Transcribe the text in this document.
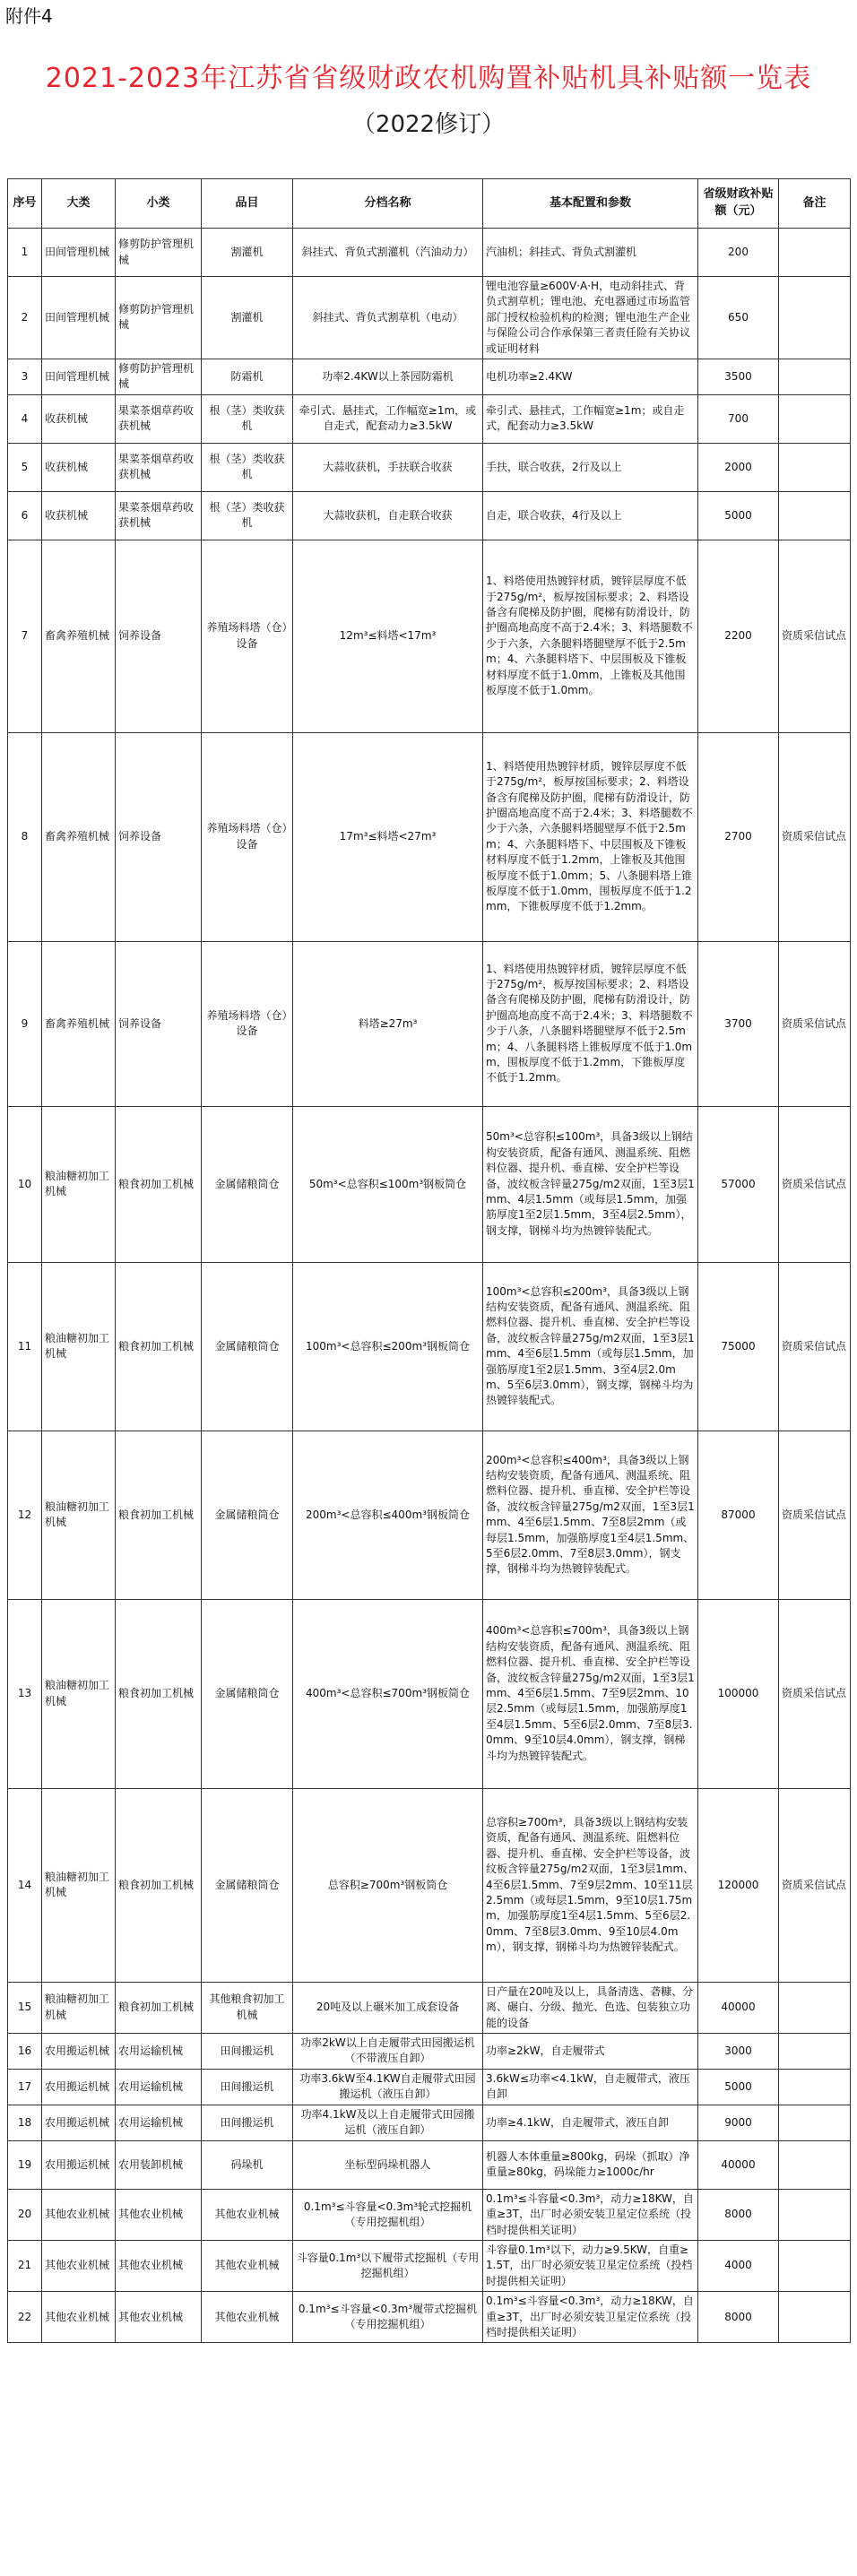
附件4
2021-2023年江苏省省级财政农机购置补贴机具补贴额一览表
（2022修订）
序号	大类	小类	品目	分档名称	基本配置和参数	省级财政补贴额（元）	备注
1	田间管理机械	修剪防护管理机械	割灌机	斜挂式、背负式割灌机（汽油动力）	汽油机；斜挂式、背负式割灌机	200	
2	田间管理机械	修剪防护管理机械	割灌机	斜挂式、背负式割草机（电动）	锂电池容量≥600V·A·H，电动斜挂式、背负式割草机；锂电池、充电器通过市场监管部门授权检验机构的检测；锂电池生产企业与保险公司合作承保第三者责任险有关协议或证明材料	650	
3	田间管理机械	修剪防护管理机械	防霜机	功率2.4KW以上茶园防霜机	电机功率≥2.4KW	3500	
4	收获机械	果菜茶烟草药收获机械	根（茎）类收获机	牵引式、悬挂式，工作幅宽≥1m，或自走式，配套动力≥3.5kW	牵引式、悬挂式，工作幅宽≥1m；或自走式，配套动力≥3.5kW	700	
5	收获机械	果菜茶烟草药收获机械	根（茎）类收获机	大蒜收获机，手扶联合收获	手扶，联合收获，2行及以上	2000	
6	收获机械	果菜茶烟草药收获机械	根（茎）类收获机	大蒜收获机，自走联合收获	自走，联合收获，4行及以上	5000	
7	畜禽养殖机械	饲养设备	养殖场料塔（仓）设备	12m³≤料塔<17m³	1、料塔使用热镀锌材质，镀锌层厚度不低于275g/m²，板厚按国标要求；2、料塔设备含有爬梯及防护圈，爬梯有防滑设计，防护圈高地高度不高于2.4米；3、料塔腿数不少于六条，六条腿料塔腿壁厚不低于2.5mm；4、六条腿料塔下、中层围板及下锥板材料厚度不低于1.0mm，上锥板及其他围板厚度不低于1.0mm。	2200	资质采信试点
8	畜禽养殖机械	饲养设备	养殖场料塔（仓）设备	17m³≤料塔<27m³	1、料塔使用热镀锌材质，镀锌层厚度不低于275g/m²，板厚按国标要求；2、料塔设备含有爬梯及防护圈，爬梯有防滑设计，防护圈高地高度不高于2.4米；3、料塔腿数不少于六条，六条腿料塔腿壁厚不低于2.5mm；4、六条腿料塔下、中层围板及下锥板材料厚度不低于1.2mm，上锥板及其他围板厚度不低于1.0mm；5、八条腿料塔上锥板厚度不低于1.0mm，围板厚度不低于1.2mm，下锥板厚度不低于1.2mm。	2700	资质采信试点
9	畜禽养殖机械	饲养设备	养殖场料塔（仓）设备	料塔≥27m³	1、料塔使用热镀锌材质，镀锌层厚度不低于275g/m²，板厚按国标要求；2、料塔设备含有爬梯及防护圈，爬梯有防滑设计，防护圈高地高度不高于2.4米；3、料塔腿数不少于八条，八条腿料塔腿壁厚不低于2.5mm；4、八条腿料塔上锥板厚度不低于1.0mm，围板厚度不低于1.2mm，下锥板厚度不低于1.2mm。	3700	资质采信试点
10	粮油糖初加工机械	粮食初加工机械	金属储粮筒仓	50m³<总容积≤100m³钢板筒仓	50m³<总容积≤100m³，具备3级以上钢结构安装资质，配备有通风、测温系统、阻燃料位器、提升机、垂直梯、安全护栏等设备，波纹板含锌量275g/m2双面，1至3层1mm、4层1.5mm（或每层1.5mm，加强筋厚度1至2层1.5mm，3至4层2.5mm），钢支撑，钢梯斗均为热镀锌装配式。	57000	资质采信试点
11	粮油糖初加工机械	粮食初加工机械	金属储粮筒仓	100m³<总容积≤200m³钢板筒仓	100m³<总容积≤200m³，具备3级以上钢结构安装资质，配备有通风、测温系统、阻燃料位器、提升机、垂直梯、安全护栏等设备，波纹板含锌量275g/m2双面，1至3层1mm、4至6层1.5mm（或每层1.5mm，加强筋厚度1至2层1.5mm、3至4层2.0mm、5至6层3.0mm），钢支撑，钢梯斗均为热镀锌装配式。	75000	资质采信试点
12	粮油糖初加工机械	粮食初加工机械	金属储粮筒仓	200m³<总容积≤400m³钢板筒仓	200m³<总容积≤400m³，具备3级以上钢结构安装资质，配备有通风、测温系统、阻燃料位器、提升机、垂直梯、安全护栏等设备，波纹板含锌量275g/m2双面，1至3层1mm、4至6层1.5mm、7至8层2mm（或每层1.5mm，加强筋厚度1至4层1.5mm、5至6层2.0mm、7至8层3.0mm），钢支撑，钢梯斗均为热镀锌装配式。	87000	资质采信试点
13	粮油糖初加工机械	粮食初加工机械	金属储粮筒仓	400m³<总容积≤700m³钢板筒仓	400m³<总容积≤700m³，具备3级以上钢结构安装资质，配备有通风、测温系统、阻燃料位器、提升机、垂直梯、安全护栏等设备，波纹板含锌量275g/m2双面，1至3层1mm、4至6层1.5mm、7至9层2mm、10层2.5mm（或每层1.5mm，加强筋厚度1至4层1.5mm、5至6层2.0mm、7至8层3.0mm、9至10层4.0mm），钢支撑，钢梯斗均为热镀锌装配式。	100000	资质采信试点
14	粮油糖初加工机械	粮食初加工机械	金属储粮筒仓	总容积≥700m³钢板筒仓	总容积≥700m³，具备3级以上钢结构安装资质，配备有通风、测温系统、阻燃料位器、提升机、垂直梯、安全护栏等设备，波纹板含锌量275g/m2双面，1至3层1mm、4至6层1.5mm、7至9层2mm、10至11层2.5mm（或每层1.5mm，9至10层1.75mm，加强筋厚度1至4层1.5mm、5至6层2.0mm、7至8层3.0mm、9至10层4.0mm），钢支撑，钢梯斗均为热镀锌装配式。	120000	资质采信试点
15	粮油糖初加工机械	粮食初加工机械	其他粮食初加工机械	20吨及以上碾米加工成套设备	日产量在20吨及以上，具备清选、砻糠、分离、碾白、分级、抛光、色选、包装独立功能的设备	40000	
16	农用搬运机械	农用运输机械	田间搬运机	功率2kW以上自走履带式田园搬运机（不带液压自卸）	功率≥2kW，自走履带式	3000	
17	农用搬运机械	农用运输机械	田间搬运机	功率3.6kW至4.1KW自走履带式田园搬运机（液压自卸）	3.6kW≤功率<4.1kW，自走履带式，液压自卸	5000	
18	农用搬运机械	农用运输机械	田间搬运机	功率4.1kW及以上自走履带式田园搬运机（液压自卸）	功率≥4.1kW，自走履带式，液压自卸	9000	
19	农用搬运机械	农用装卸机械	码垛机	坐标型码垛机器人	机器人本体重量≥800kg，码垛（抓取）净重量≥80kg，码垛能力≥1000c/hr	40000	
20	其他农业机械	其他农业机械	其他农业机械	0.1m³≤斗容量<0.3m³轮式挖掘机（专用挖掘机组）	0.1m³≤斗容量<0.3m³，动力≥18KW，自重≥3T，出厂时必须安装卫星定位系统（投档时提供相关证明）	8000	
21	其他农业机械	其他农业机械	其他农业机械	斗容量0.1m³以下履带式挖掘机（专用挖掘机组）	斗容量0.1m³以下，动力≥9.5KW，自重≥1.5T，出厂时必须安装卫星定位系统（投档时提供相关证明）	4000	
22	其他农业机械	其他农业机械	其他农业机械	0.1m³≤斗容量<0.3m³履带式挖掘机（专用挖掘机组）	0.1m³≤斗容量<0.3m³，动力≥18KW，自重≥3T，出厂时必须安装卫星定位系统（投档时提供相关证明）	8000	
